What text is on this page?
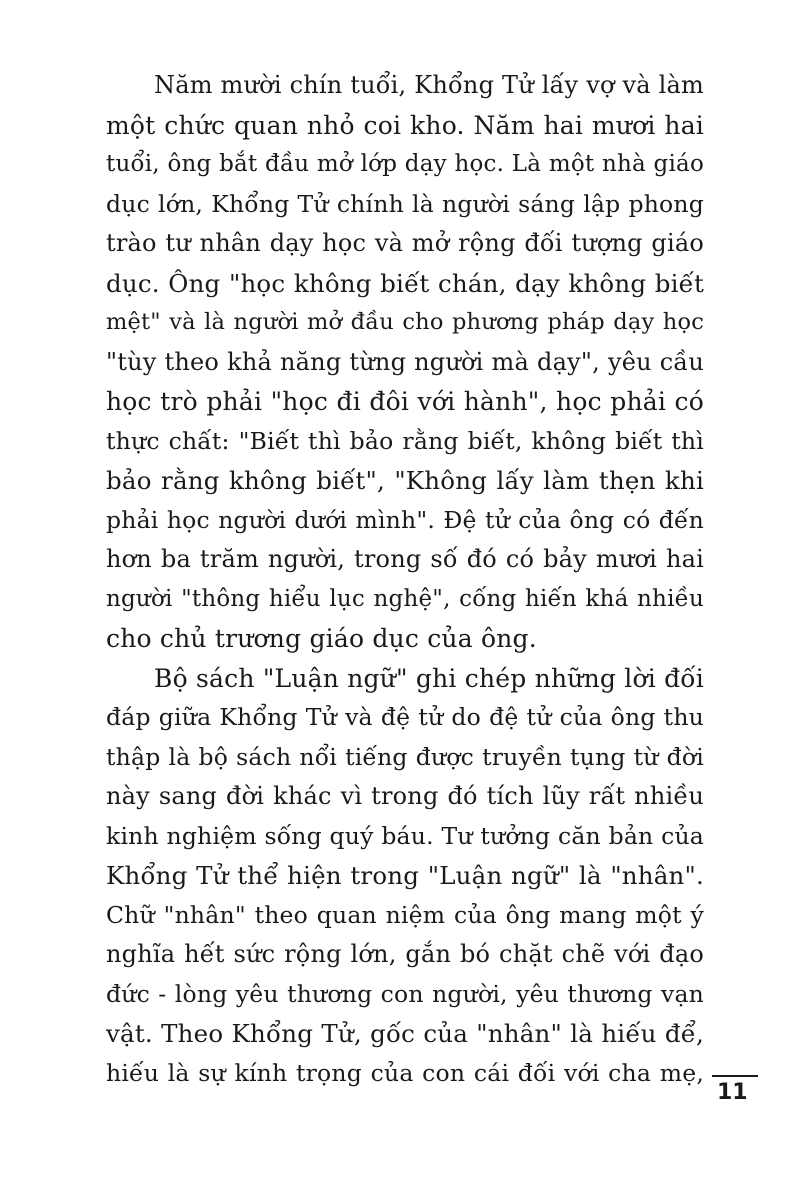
Năm mười chín tuổi, Khổng Tử lấy vợ và làm
một chức quan nhỏ coi kho. Năm hai mươi hai
tuổi, ông bắt đầu mở lớp dạy học. Là một nhà giáo
dục lớn, Khổng Tử chính là người sáng lập phong
trào tư nhân dạy học và mở rộng đối tượng giáo
dục. Ông "học không biết chán, dạy không biết
mệt" và là người mở đầu cho phương pháp dạy học
"tùy theo khả năng từng người mà dạy", yêu cầu
học trò phải "học đi đôi với hành", học phải có
thực chất: "Biết thì bảo rằng biết, không biết thì
bảo rằng không biết", "Không lấy làm thẹn khi
phải học người dưới mình". Đệ tử của ông có đến
hơn ba trăm người, trong số đó có bảy mươi hai
người "thông hiểu lục nghệ", cống hiến khá nhiều
cho chủ trương giáo dục của ông.

Bộ sách "Luận ngữ" ghi chép những lời đối
đáp giữa Khổng Tử và đệ tử do đệ tử của ông thu
thập là bộ sách nổi tiếng được truyền tụng từ đời
này sang đời khác vì trong đó tích lũy rất nhiều
kinh nghiệm sống quý báu. Tư tưởng căn bản của
Khổng Tử thể hiện trong "Luận ngữ" là "nhân".
Chữ "nhân" theo quan niệm của ông mang một ý
nghĩa hết sức rộng lớn, gắn bó chặt chẽ với đạo
đức - lòng yêu thương con người, yêu thương vạn
vật. Theo Khổng Tử, gốc của "nhân" là hiếu để,
hiếu là sự kính trọng của con cái đối với cha mẹ,

11
